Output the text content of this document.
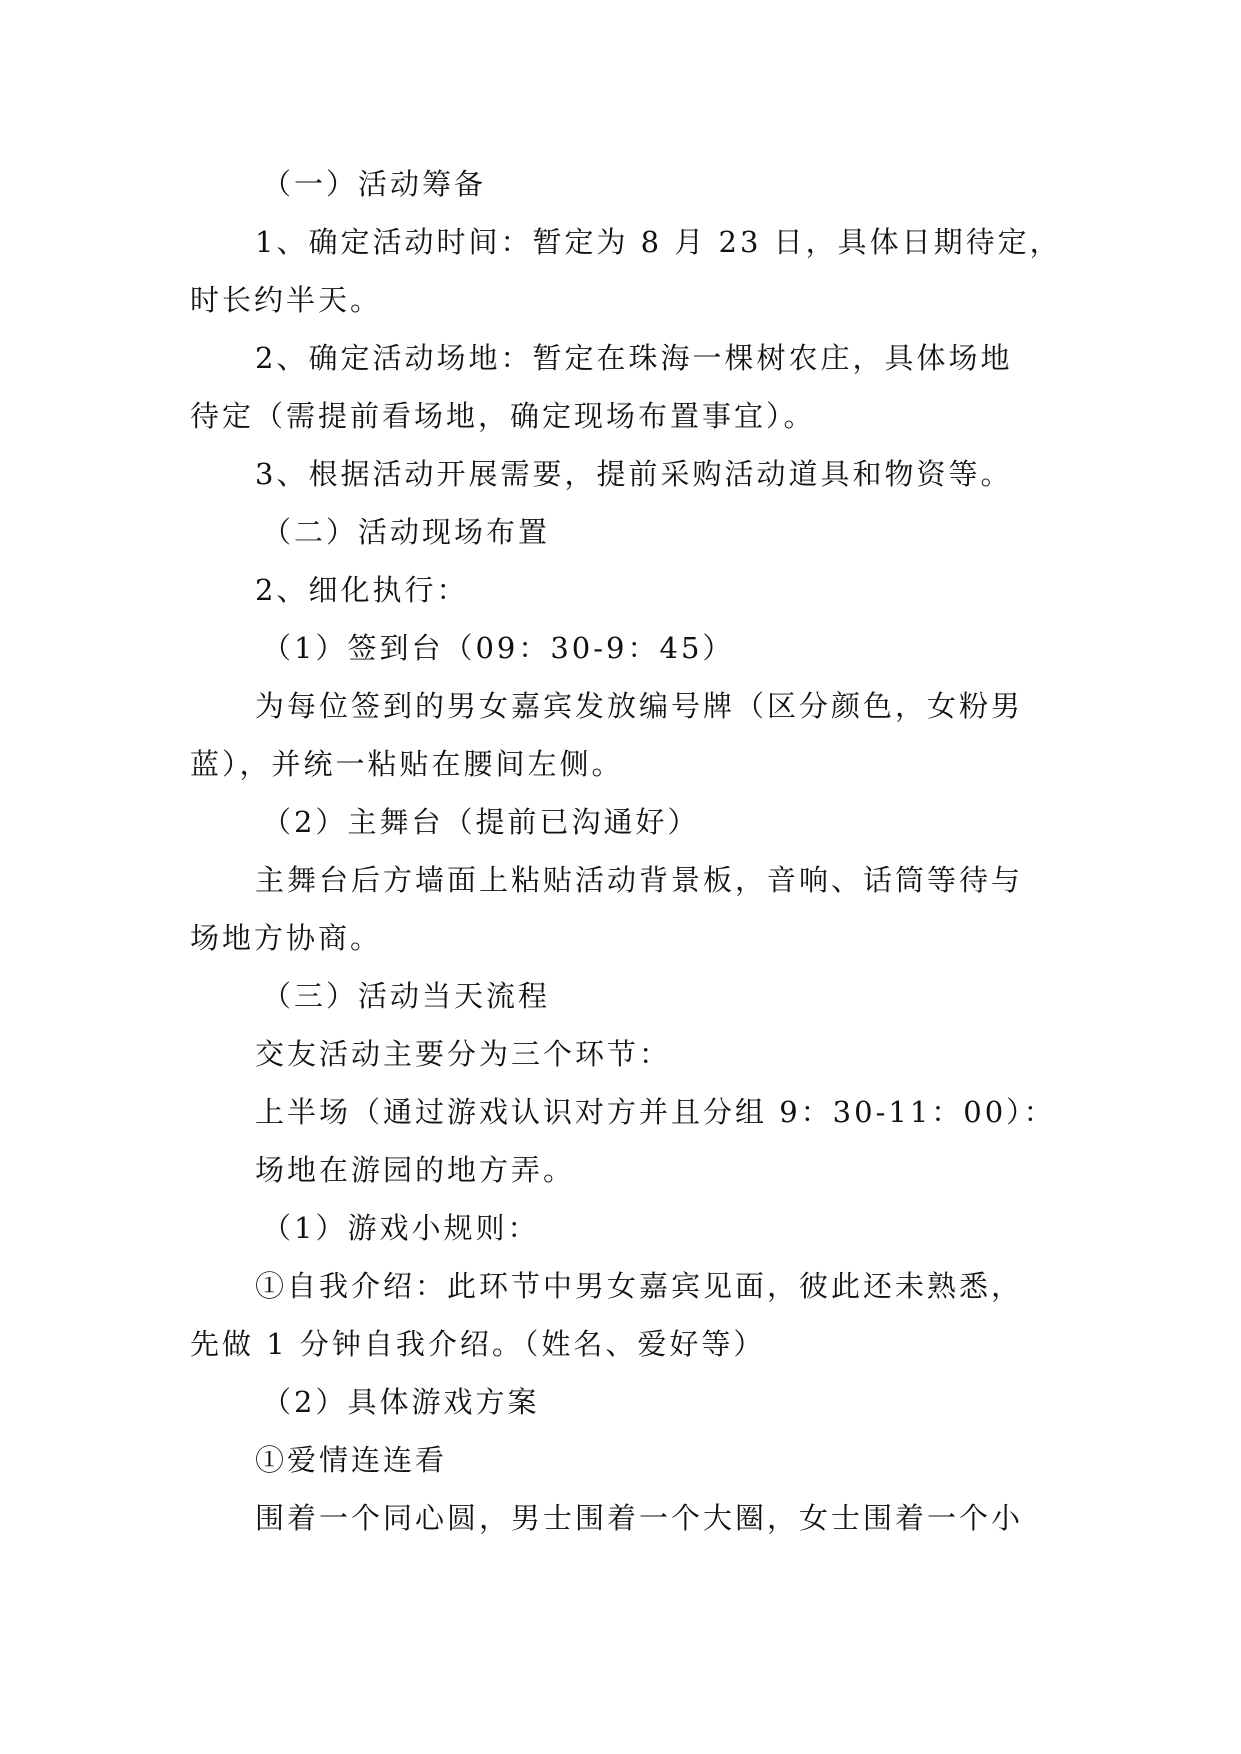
（一）活动筹备
1、确定活动时间：暂定为 8 月 23 日，具体日期待定，
时长约半天。
2、确定活动场地：暂定在珠海一棵树农庄，具体场地
待定（需提前看场地，确定现场布置事宜）。
3、根据活动开展需要，提前采购活动道具和物资等。
（二）活动现场布置
2、细化执行：
（1）签到台（09：30-9：45）
为每位签到的男女嘉宾发放编号牌（区分颜色，女粉男
蓝），并统一粘贴在腰间左侧。
（2）主舞台（提前已沟通好）
主舞台后方墙面上粘贴活动背景板，音响、话筒等待与
场地方协商。
（三）活动当天流程
交友活动主要分为三个环节：
上半场（通过游戏认识对方并且分组 9：30-11：00）：
场地在游园的地方弄。
（1）游戏小规则：
①自我介绍：此环节中男女嘉宾见面，彼此还未熟悉，
先做 1 分钟自我介绍。（姓名、爱好等）
（2）具体游戏方案
①爱情连连看
围着一个同心圆，男士围着一个大圈，女士围着一个小
